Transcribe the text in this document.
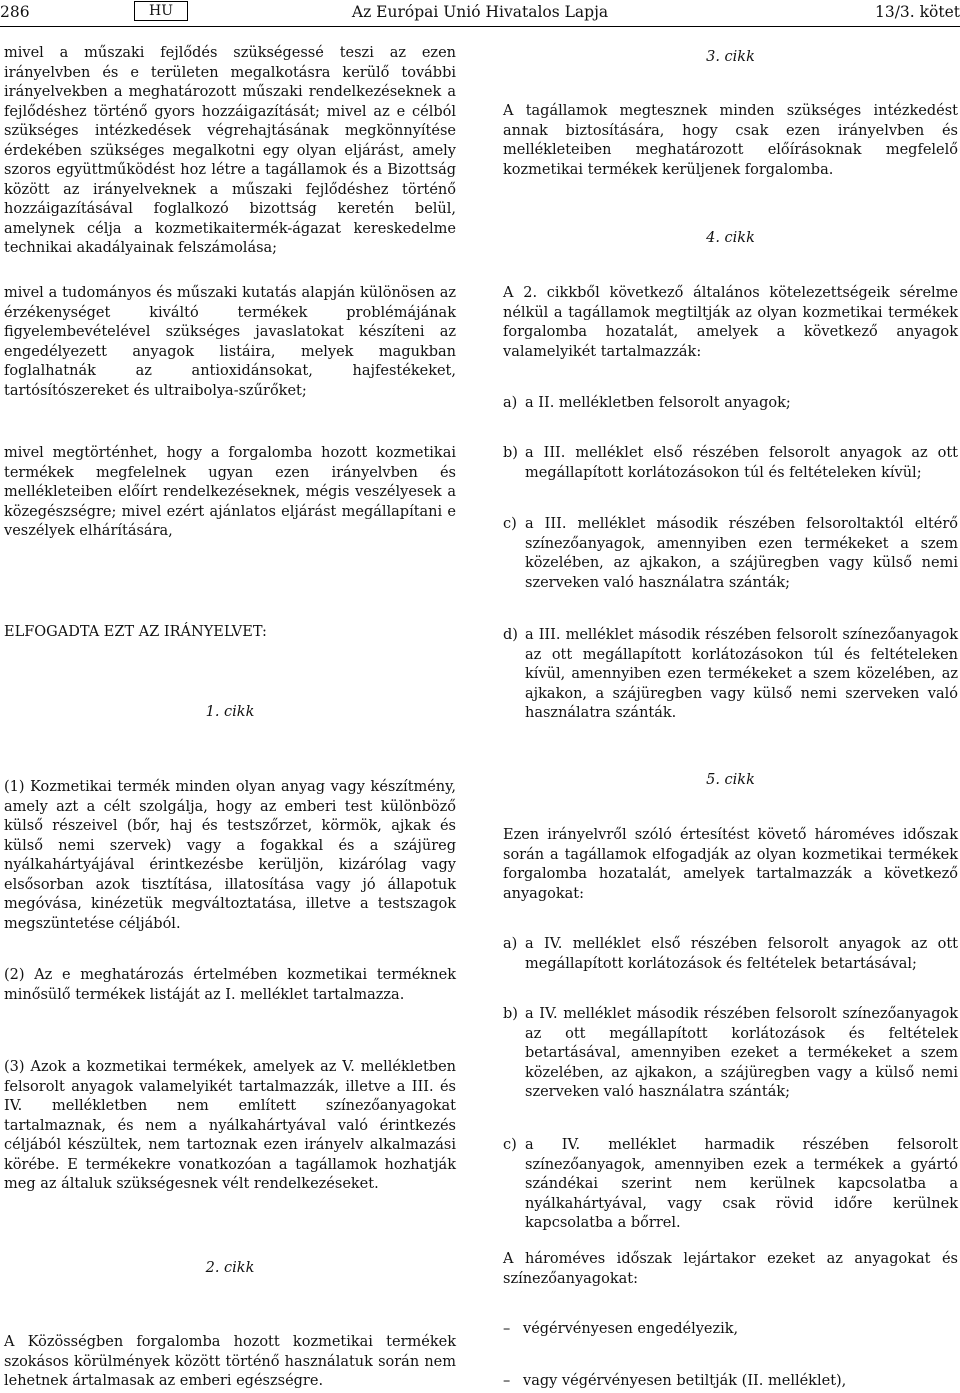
286	HU	Az Európai Unió Hivatalos Lapja	13/3. kötet

mivel a műszaki fejlődés szükségessé teszi az ezen irányelvben és e területen megalkotásra kerülő további irányelvekben a meghatározott műszaki rendelkezéseknek a fejlődéshez történő gyors hozzáigazítását; mivel az e célból szükséges intézkedések végrehajtásának megkönnyítése érdekében szükséges megalkotni egy olyan eljárást, amely szoros együttműködést hoz létre a tagállamok és a Bizottság között az irányelveknek a műszaki fejlődéshez történő hozzáigazításával foglalkozó bizottság keretén belül, amelynek célja a kozmetikaitermék-ágazat kereskedelme technikai akadályainak felszámolása;

mivel a tudományos és műszaki kutatás alapján különösen az érzékenységet kiváltó termékek problémájának figyelembevételével szükséges javaslatokat készíteni az engedélyezett anyagok listáira, melyek magukban foglalhatnák az antioxidánsokat, hajfestékeket, tartósítószereket és ultraibolya-szűrőket;

mivel megtörténhet, hogy a forgalomba hozott kozmetikai termékek megfelelnek ugyan ezen irányelvben és mellékleteiben előírt rendelkezéseknek, mégis veszélyesek a közegészségre; mivel ezért ajánlatos eljárást megállapítani e veszélyek elhárítására,

ELFOGADTA EZT AZ IRÁNYELVET:

1. cikk

(1) Kozmetikai termék minden olyan anyag vagy készítmény, amely azt a célt szolgálja, hogy az emberi test különböző külső részeivel (bőr, haj és testszőrzet, körmök, ajkak és külső nemi szervek) vagy a fogakkal és a szájüreg nyálkahártyájával érintkezésbe kerüljön, kizárólag vagy elsősorban azok tisztítása, illatosítása vagy jó állapotuk megóvása, kinézetük megváltoztatása, illetve a testszagok megszüntetése céljából.

(2) Az e meghatározás értelmében kozmetikai terméknek minősülő termékek listáját az I. melléklet tartalmazza.

(3) Azok a kozmetikai termékek, amelyek az V. mellékletben felsorolt anyagok valamelyikét tartalmazzák, illetve a III. és IV. mellékletben nem említett színezőanyagokat tartalmaznak, és nem a nyálkahártyával való érintkezés céljából készültek, nem tartoznak ezen irányelv alkalmazási körébe. E termékekre vonatkozóan a tagállamok hozhatják meg az általuk szükségesnek vélt rendelkezéseket.

2. cikk

A Közösségben forgalomba hozott kozmetikai termékek szokásos körülmények között történő használatuk során nem lehetnek ártalmasak az emberi egészségre.

3. cikk

A tagállamok megtesznek minden szükséges intézkedést annak biztosítására, hogy csak ezen irányelvben és mellékleteiben meghatározott előírásoknak megfelelő kozmetikai termékek kerüljenek forgalomba.

4. cikk

A 2. cikkből következő általános kötelezettségeik sérelme nélkül a tagállamok megtiltják az olyan kozmetikai termékek forgalomba hozatalát, amelyek a következő anyagok valamelyikét tartalmazzák:

a) a II. mellékletben felsorolt anyagok;
b) a III. melléklet első részében felsorolt anyagok az ott megállapított korlátozásokon túl és feltételeken kívül;
c) a III. melléklet második részében felsoroltaktól eltérő színezőanyagok, amennyiben ezen termékeket a szem közelében, az ajkakon, a szájüregben vagy külső nemi szerveken való használatra szánták;
d) a III. melléklet második részében felsorolt színezőanyagok az ott megállapított korlátozásokon túl és feltételeken kívül, amennyiben ezen termékeket a szem közelében, az ajkakon, a szájüregben vagy külső nemi szerveken való használatra szánták.

5. cikk

Ezen irányelvről szóló értesítést követő hároméves időszak során a tagállamok elfogadják az olyan kozmetikai termékek forgalomba hozatalát, amelyek tartalmazzák a következő anyagokat:

a) a IV. melléklet első részében felsorolt anyagok az ott megállapított korlátozások és feltételek betartásával;
b) a IV. melléklet második részében felsorolt színezőanyagok az ott megállapított korlátozások és feltételek betartásával, amennyiben ezeket a termékeket a szem közelében, az ajkakon, a szájüregben vagy a külső nemi szerveken való használatra szánták;
c) a IV. melléklet harmadik részében felsorolt színezőanyagok, amennyiben ezek a termékek a gyártó szándékai szerint nem kerülnek kapcsolatba a nyálkahártyával, vagy csak rövid időre kerülnek kapcsolatba a bőrrel.

A hároméves időszak lejártakor ezeket az anyagokat és színezőanyagokat:

– végérvényesen engedélyezik,
– vagy végérvényesen betiltják (II. melléklet),
